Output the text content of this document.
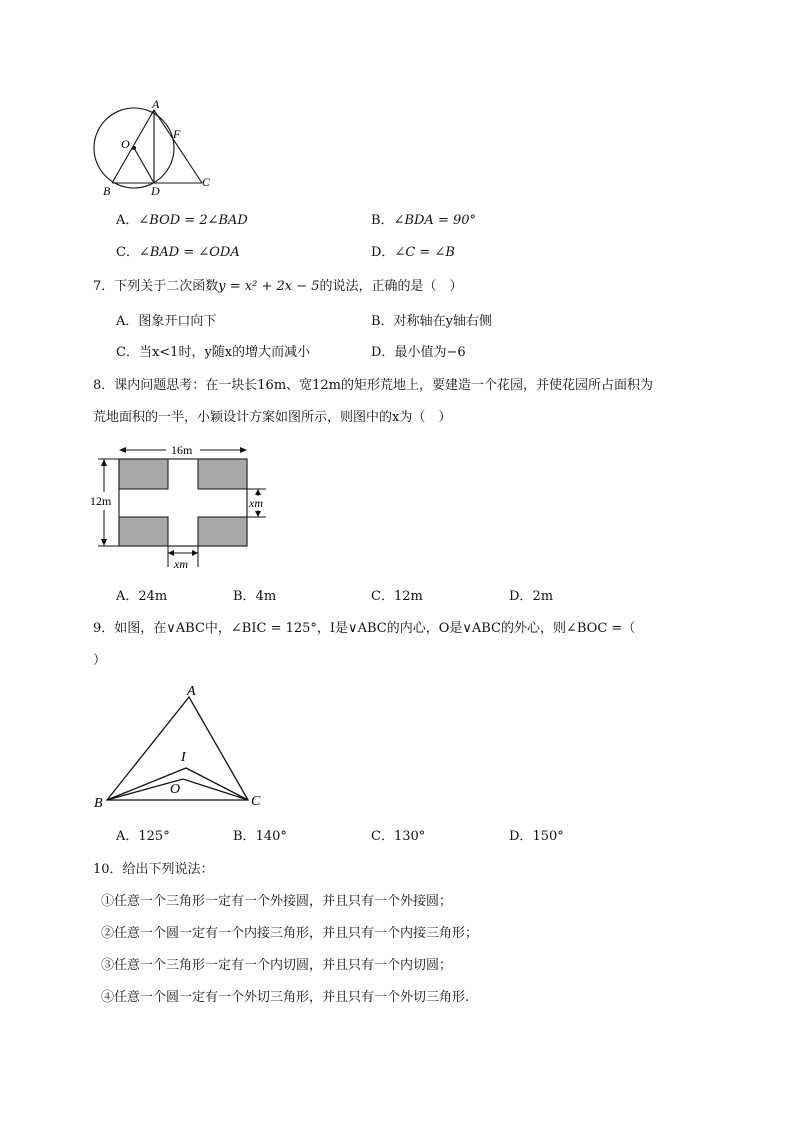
A
O
F
B	D
C
A．∠BOD = 2∠BAD	B．∠BDA = 90°
C．∠BAD = ∠ODA	D．∠C = ∠B
7．下列关于二次函数y = x² + 2x − 5的说法，正确的是（　）
A．图象开口向下	B．对称轴在y轴右侧
C．当x<1时，y随x的增大而减小	D．最小值为−6
8．课内问题思考：在一块长16m、宽12m的矩形荒地上，要建造一个花园，并使花园所占面积为
荒地面积的一半，小颖设计方案如图所示，则图中的x为（　）
16m
12m	xm
xm
A．24m	B．4m	C．12m	D．2m
9．如图，在∨ABC中，∠BIC = 125°，I是∨ABC的内心，O是∨ABC的外心，则∠BOC =（
）
A
I
O
B	C
A．125°	B．140°	C．130°	D．150°
10．给出下列说法：
①任意一个三角形一定有一个外接圆，并且只有一个外接圆；
②任意一个圆一定有一个内接三角形，并且只有一个内接三角形；
③任意一个三角形一定有一个内切圆，并且只有一个内切圆；
④任意一个圆一定有一个外切三角形，并且只有一个外切三角形.
